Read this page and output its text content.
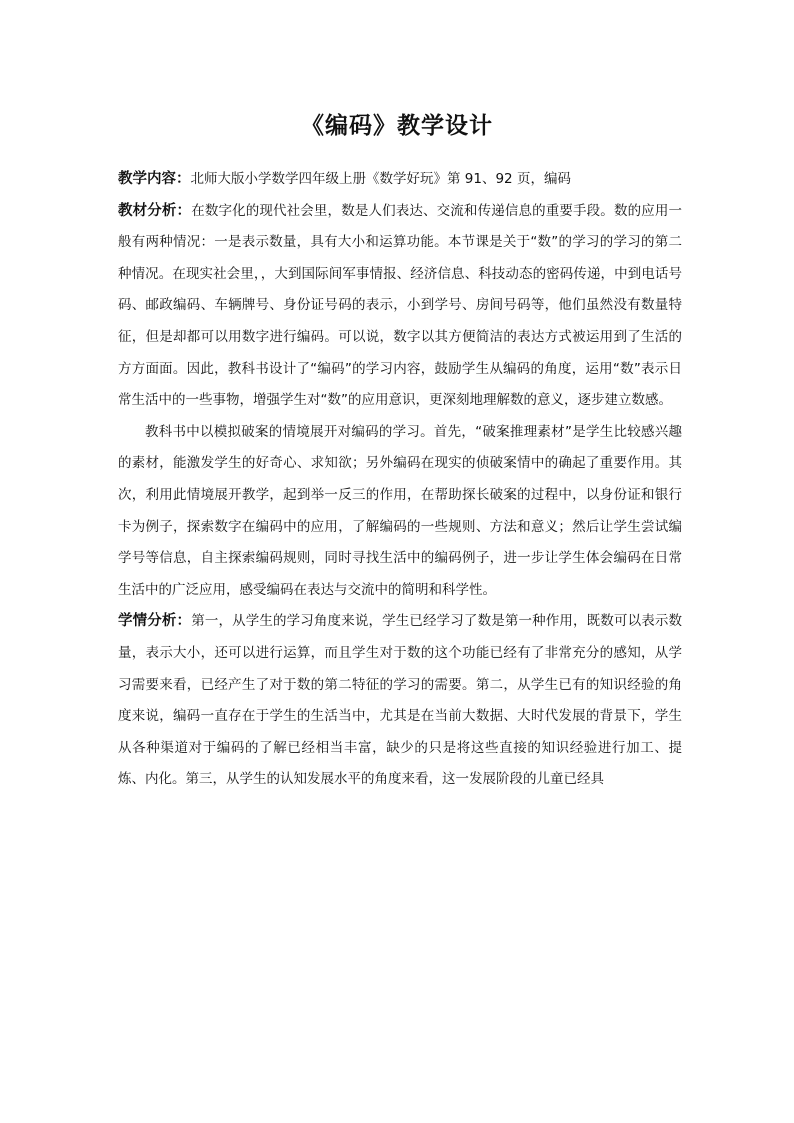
《编码》教学设计

教学内容：北师大版小学数学四年级上册《数学好玩》第 91、92 页，编码

教材分析：在数字化的现代社会里，数是人们表达、交流和传递信息的重要手段。数的应用一般有两种情况：一是表示数量，具有大小和运算功能。本节课是关于“数”的学习的学习的第二种情况。在现实社会里，，大到国际间军事情报、经济信息、科技动态的密码传递，中到电话号码、邮政编码、车辆牌号、身份证号码的表示，小到学号、房间号码等，他们虽然没有数量特征，但是却都可以用数字进行编码。可以说，数字以其方便简洁的表达方式被运用到了生活的方方面面。因此，教科书设计了“编码”的学习内容，鼓励学生从编码的角度，运用“数”表示日常生活中的一些事物，增强学生对“数”的应用意识，更深刻地理解数的意义，逐步建立数感。

教科书中以模拟破案的情境展开对编码的学习。首先，“破案推理素材”是学生比较感兴趣的素材，能激发学生的好奇心、求知欲；另外编码在现实的侦破案情中的确起了重要作用。其次，利用此情境展开教学，起到举一反三的作用，在帮助探长破案的过程中，以身份证和银行卡为例子，探索数字在编码中的应用，了解编码的一些规则、方法和意义；然后让学生尝试编学号等信息，自主探索编码规则，同时寻找生活中的编码例子，进一步让学生体会编码在日常生活中的广泛应用，感受编码在表达与交流中的简明和科学性。

学情分析：第一，从学生的学习角度来说，学生已经学习了数是第一种作用，既数可以表示数量，表示大小，还可以进行运算，而且学生对于数的这个功能已经有了非常充分的感知，从学习需要来看，已经产生了对于数的第二特征的学习的需要。第二，从学生已有的知识经验的角度来说，编码一直存在于学生的生活当中，尤其是在当前大数据、大时代发展的背景下，学生从各种渠道对于编码的了解已经相当丰富，缺少的只是将这些直接的知识经验进行加工、提炼、内化。第三，从学生的认知发展水平的角度来看，这一发展阶段的儿童已经具
